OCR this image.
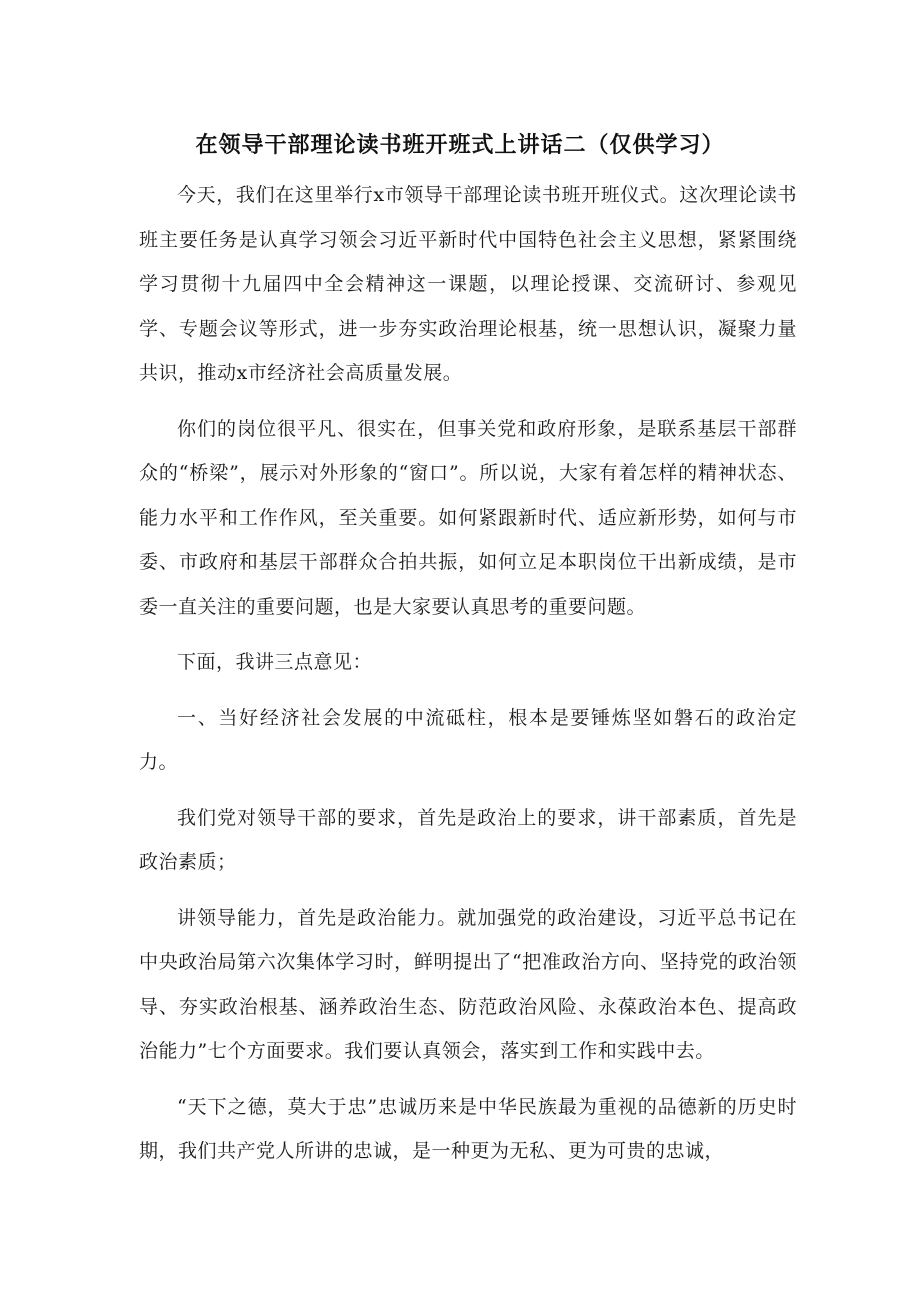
在领导干部理论读书班开班式上讲话二（仅供学习）

今天，我们在这里举行x市领导干部理论读书班开班仪式。这次理论读书班主要任务是认真学习领会习近平新时代中国特色社会主义思想，紧紧围绕学习贯彻十九届四中全会精神这一课题，以理论授课、交流研讨、参观见学、专题会议等形式，进一步夯实政治理论根基，统一思想认识，凝聚力量共识，推动x市经济社会高质量发展。

你们的岗位很平凡、很实在，但事关党和政府形象，是联系基层干部群众的“桥梁”，展示对外形象的“窗口”。所以说，大家有着怎样的精神状态、能力水平和工作作风，至关重要。如何紧跟新时代、适应新形势，如何与市委、市政府和基层干部群众合拍共振，如何立足本职岗位干出新成绩，是市委一直关注的重要问题，也是大家要认真思考的重要问题。

下面，我讲三点意见：

一、当好经济社会发展的中流砥柱，根本是要锤炼坚如磐石的政治定力。

我们党对领导干部的要求，首先是政治上的要求，讲干部素质，首先是政治素质；

讲领导能力，首先是政治能力。就加强党的政治建设，习近平总书记在中央政治局第六次集体学习时，鲜明提出了“把准政治方向、坚持党的政治领导、夯实政治根基、涵养政治生态、防范政治风险、永葆政治本色、提高政治能力”七个方面要求。我们要认真领会，落实到工作和实践中去。

“天下之德，莫大于忠”忠诚历来是中华民族最为重视的品德新的历史时期，我们共产党人所讲的忠诚，是一种更为无私、更为可贵的忠诚，
